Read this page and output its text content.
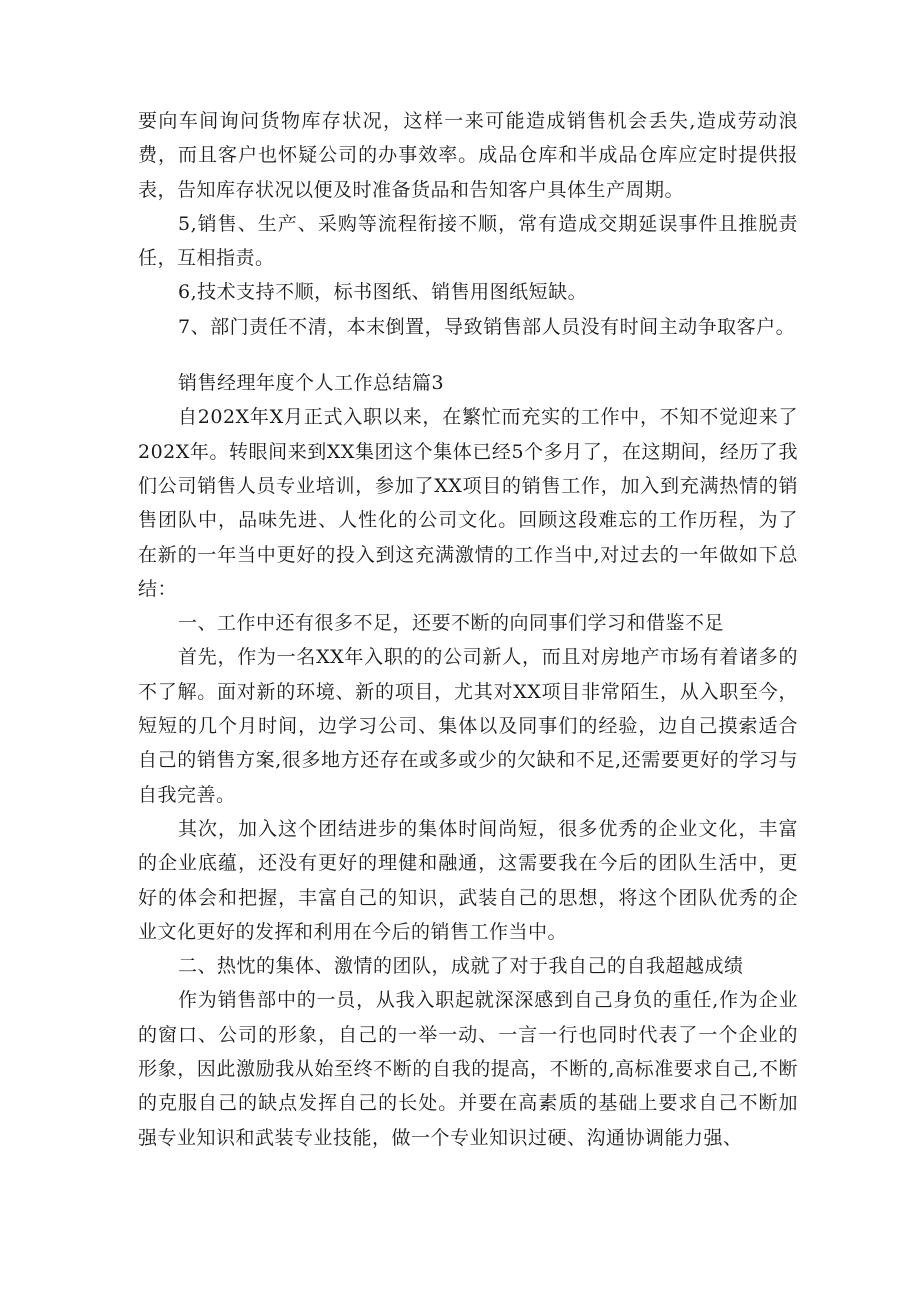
要向车间询问货物库存状况，这样一来可能造成销售机会丢失,造成劳动浪费，而且客户也怀疑公司的办事效率。成品仓库和半成品仓库应定时提供报表，告知库存状况以便及时准备货品和告知客户具体生产周期。

5,销售、生产、采购等流程衔接不顺，常有造成交期延误事件且推脱责任，互相指责。

6,技术支持不顺，标书图纸、销售用图纸短缺。

7、部门责任不清，本末倒置，导致销售部人员没有时间主动争取客户。

销售经理年度个人工作总结篇3

自202X年X月正式入职以来，在繁忙而充实的工作中，不知不觉迎来了202X年。转眼间来到XX集团这个集体已经5个多月了，在这期间，经历了我们公司销售人员专业培训，参加了XX项目的销售工作，加入到充满热情的销售团队中，品味先进、人性化的公司文化。回顾这段难忘的工作历程，为了在新的一年当中更好的投入到这充满激情的工作当中,对过去的一年做如下总结：

一、工作中还有很多不足，还要不断的向同事们学习和借鉴不足

首先，作为一名XX年入职的的公司新人，而且对房地产市场有着诸多的不了解。面对新的环境、新的项目，尤其对XX项目非常陌生，从入职至今，短短的几个月时间，边学习公司、集体以及同事们的经验，边自己摸索适合自己的销售方案,很多地方还存在或多或少的欠缺和不足,还需要更好的学习与自我完善。

其次，加入这个团结进步的集体时间尚短，很多优秀的企业文化，丰富的企业底蕴，还没有更好的理健和融通，这需要我在今后的团队生活中，更好的体会和把握，丰富自己的知识，武装自己的思想，将这个团队优秀的企业文化更好的发挥和利用在今后的销售工作当中。

二、热忱的集体、激情的团队，成就了对于我自己的自我超越成绩

作为销售部中的一员，从我入职起就深深感到自己身负的重任,作为企业的窗口、公司的形象，自己的一举一动、一言一行也同时代表了一个企业的形象，因此激励我从始至终不断的自我的提高，不断的,高标准要求自己,不断的克服自己的缺点发挥自己的长处。并要在高素质的基础上要求自己不断加强专业知识和武装专业技能，做一个专业知识过硬、沟通协调能力强、
